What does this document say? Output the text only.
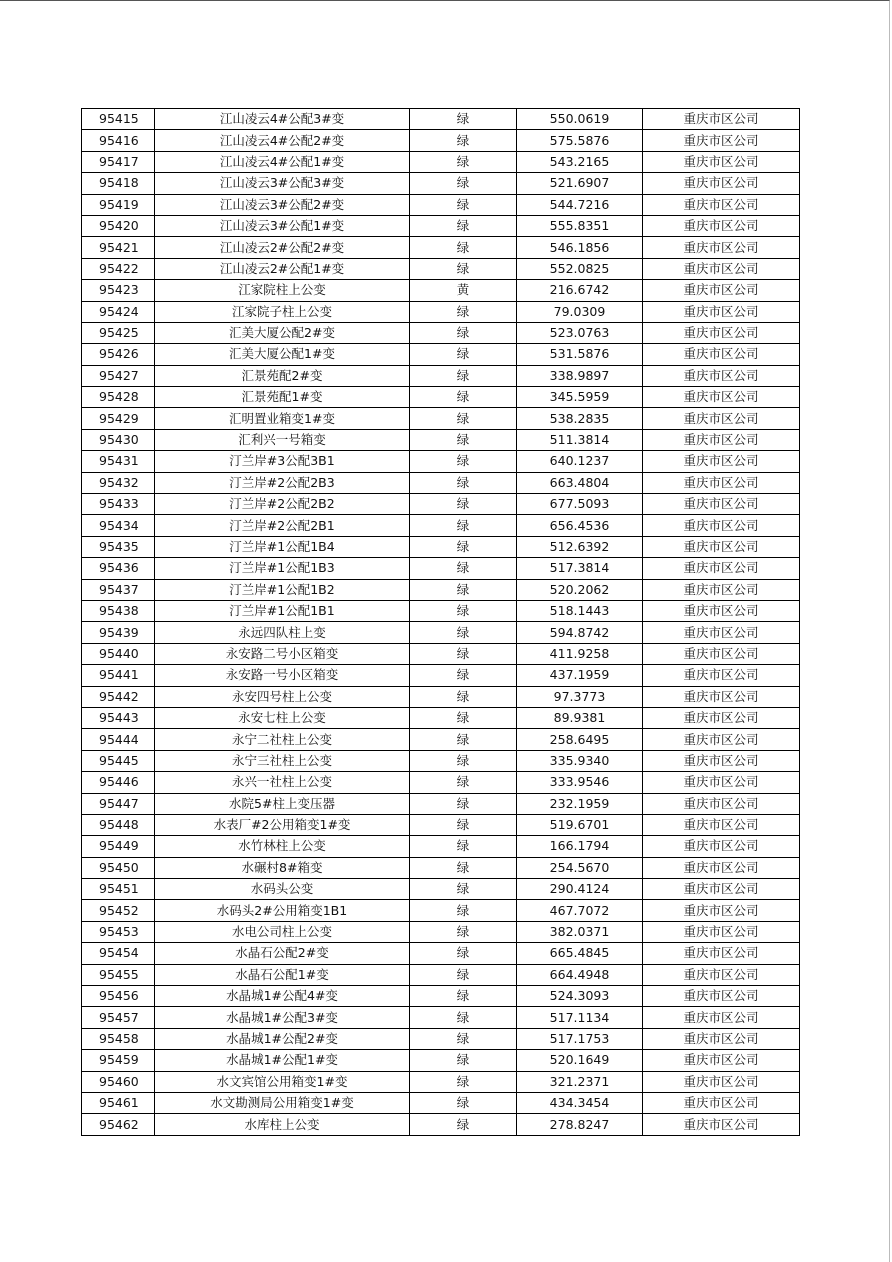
95415	江山凌云4#公配3#变	绿	550.0619	重庆市区公司
95416	江山凌云4#公配2#变	绿	575.5876	重庆市区公司
95417	江山凌云4#公配1#变	绿	543.2165	重庆市区公司
95418	江山凌云3#公配3#变	绿	521.6907	重庆市区公司
95419	江山凌云3#公配2#变	绿	544.7216	重庆市区公司
95420	江山凌云3#公配1#变	绿	555.8351	重庆市区公司
95421	江山凌云2#公配2#变	绿	546.1856	重庆市区公司
95422	江山凌云2#公配1#变	绿	552.0825	重庆市区公司
95423	江家院柱上公变	黄	216.6742	重庆市区公司
95424	江家院子柱上公变	绿	79.0309	重庆市区公司
95425	汇美大厦公配2#变	绿	523.0763	重庆市区公司
95426	汇美大厦公配1#变	绿	531.5876	重庆市区公司
95427	汇景苑配2#变	绿	338.9897	重庆市区公司
95428	汇景苑配1#变	绿	345.5959	重庆市区公司
95429	汇明置业箱变1#变	绿	538.2835	重庆市区公司
95430	汇利兴一号箱变	绿	511.3814	重庆市区公司
95431	汀兰岸#3公配3B1	绿	640.1237	重庆市区公司
95432	汀兰岸#2公配2B3	绿	663.4804	重庆市区公司
95433	汀兰岸#2公配2B2	绿	677.5093	重庆市区公司
95434	汀兰岸#2公配2B1	绿	656.4536	重庆市区公司
95435	汀兰岸#1公配1B4	绿	512.6392	重庆市区公司
95436	汀兰岸#1公配1B3	绿	517.3814	重庆市区公司
95437	汀兰岸#1公配1B2	绿	520.2062	重庆市区公司
95438	汀兰岸#1公配1B1	绿	518.1443	重庆市区公司
95439	永远四队柱上变	绿	594.8742	重庆市区公司
95440	永安路二号小区箱变	绿	411.9258	重庆市区公司
95441	永安路一号小区箱变	绿	437.1959	重庆市区公司
95442	永安四号柱上公变	绿	97.3773	重庆市区公司
95443	永安七柱上公变	绿	89.9381	重庆市区公司
95444	永宁二社柱上公变	绿	258.6495	重庆市区公司
95445	永宁三社柱上公变	绿	335.9340	重庆市区公司
95446	永兴一社柱上公变	绿	333.9546	重庆市区公司
95447	水院5#柱上变压器	绿	232.1959	重庆市区公司
95448	水表厂#2公用箱变1#变	绿	519.6701	重庆市区公司
95449	水竹林柱上公变	绿	166.1794	重庆市区公司
95450	水碾村8#箱变	绿	254.5670	重庆市区公司
95451	水码头公变	绿	290.4124	重庆市区公司
95452	水码头2#公用箱变1B1	绿	467.7072	重庆市区公司
95453	水电公司柱上公变	绿	382.0371	重庆市区公司
95454	水晶石公配2#变	绿	665.4845	重庆市区公司
95455	水晶石公配1#变	绿	664.4948	重庆市区公司
95456	水晶城1#公配4#变	绿	524.3093	重庆市区公司
95457	水晶城1#公配3#变	绿	517.1134	重庆市区公司
95458	水晶城1#公配2#变	绿	517.1753	重庆市区公司
95459	水晶城1#公配1#变	绿	520.1649	重庆市区公司
95460	水文宾馆公用箱变1#变	绿	321.2371	重庆市区公司
95461	水文勘测局公用箱变1#变	绿	434.3454	重庆市区公司
95462	水库柱上公变	绿	278.8247	重庆市区公司
